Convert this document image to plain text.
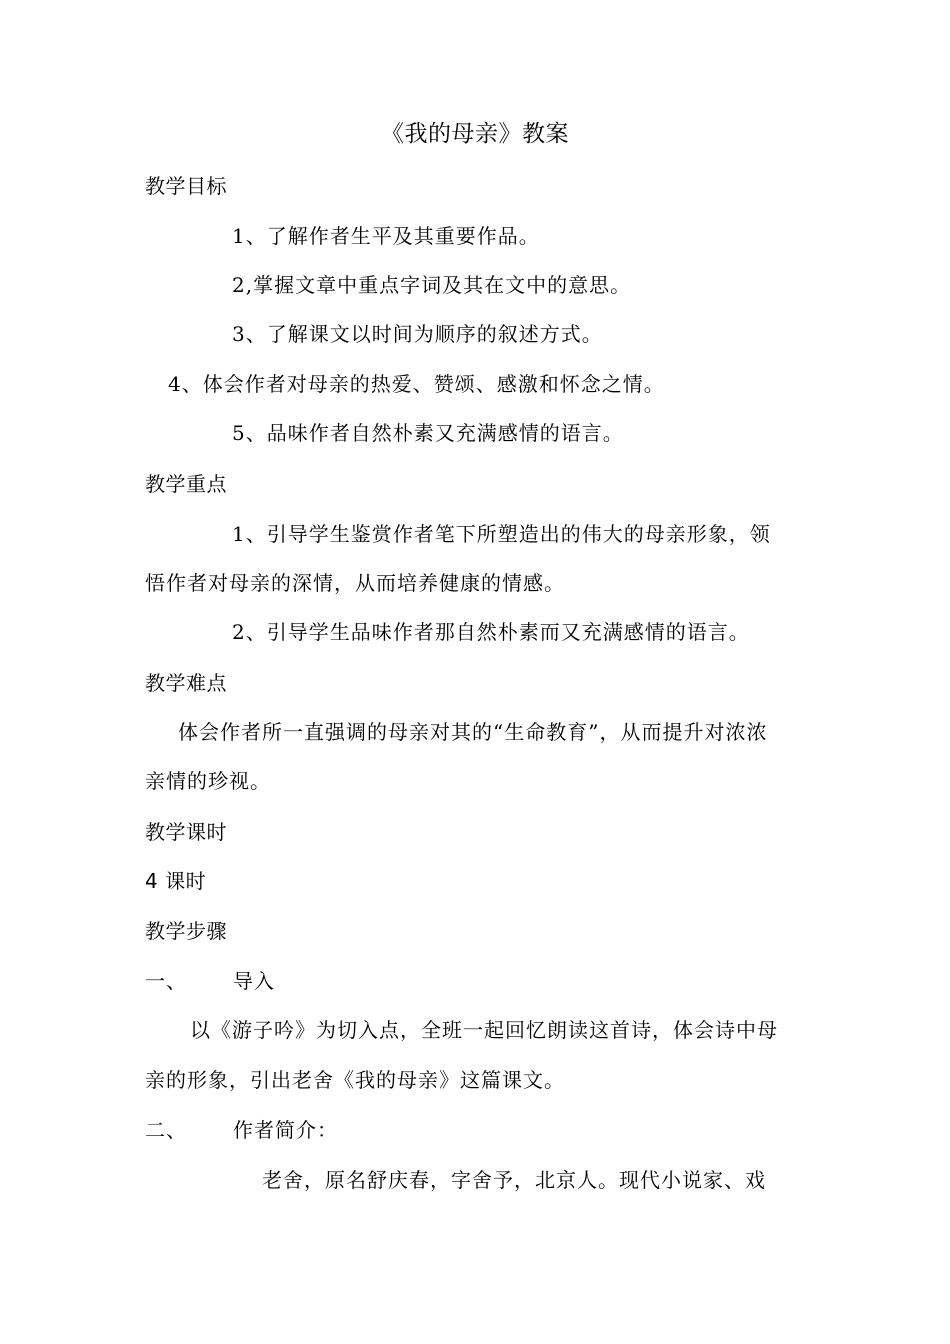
《我的母亲》教案
教学目标
1、了解作者生平及其重要作品。
2,掌握文章中重点字词及其在文中的意思。
3、了解课文以时间为顺序的叙述方式。
4、体会作者对母亲的热爱、赞颂、感激和怀念之情。
5、品味作者自然朴素又充满感情的语言。
教学重点
1、引导学生鉴赏作者笔下所塑造出的伟大的母亲形象，领
悟作者对母亲的深情，从而培养健康的情感。
2、引导学生品味作者那自然朴素而又充满感情的语言。
教学难点
体会作者所一直强调的母亲对其的“生命教育”，从而提升对浓浓
亲情的珍视。
教学课时
4 课时
教学步骤
一、 导入
以《游子吟》为切入点，全班一起回忆朗读这首诗，体会诗中母
亲的形象，引出老舍《我的母亲》这篇课文。
二、 作者简介：
老舍，原名舒庆春，字舍予，北京人。现代小说家、戏
